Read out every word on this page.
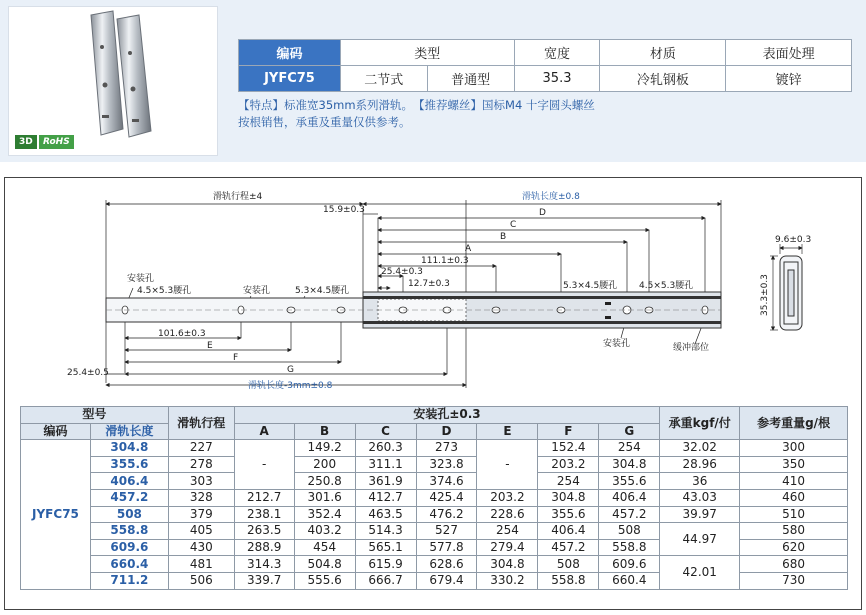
3D	RoHS
编码	类型		宽度	材质	表面处理
JYFC75	二节式	普通型	35.3	冷轧钢板	镀锌
【特点】标准宽35mm系列滑轨。　【推荐螺丝】国标M4 十字圆头螺丝
按根销售，承重及重量仅供参考。
滑轨行程±4	滑轨长度±0.8
15.9±0.3	D
C
B
A
111.1±0.3
25.4±0.3
12.7±0.3
安装孔
4.5×5.3腰孔	安装孔	5.3×4.5腰孔	5.3×4.5腰孔 4.5×5.3腰孔
安装孔	缓冲部位
101.6±0.3
E
F
G
25.4±0.5
滑轨长度-3mm±0.8
9.6±0.3
35.3±0.3
型号		滑轨行程	安装孔±0.3							承重kgf/付	参考重量g/根
编码	滑轨长度		A	B	C	D	E	F	G		
JYFC75	304.8	227	-	149.2	260.3	273	-	152.4	254	32.02	300
	355.6	278		200	311.1	323.8		203.2	304.8	28.96	350
	406.4	303		250.8	361.9	374.6		254	355.6	36	410
	457.2	328	212.7	301.6	412.7	425.4	203.2	304.8	406.4	43.03	460
	508	379	238.1	352.4	463.5	476.2	228.6	355.6	457.2	39.97	510
	558.8	405	263.5	403.2	514.3	527	254	406.4	508	44.97	580
	609.6	430	288.9	454	565.1	577.8	279.4	457.2	558.8		620
	660.4	481	314.3	504.8	615.9	628.6	304.8	508	609.6	42.01	680
	711.2	506	339.7	555.6	666.7	679.4	330.2	558.8	660.4		730
